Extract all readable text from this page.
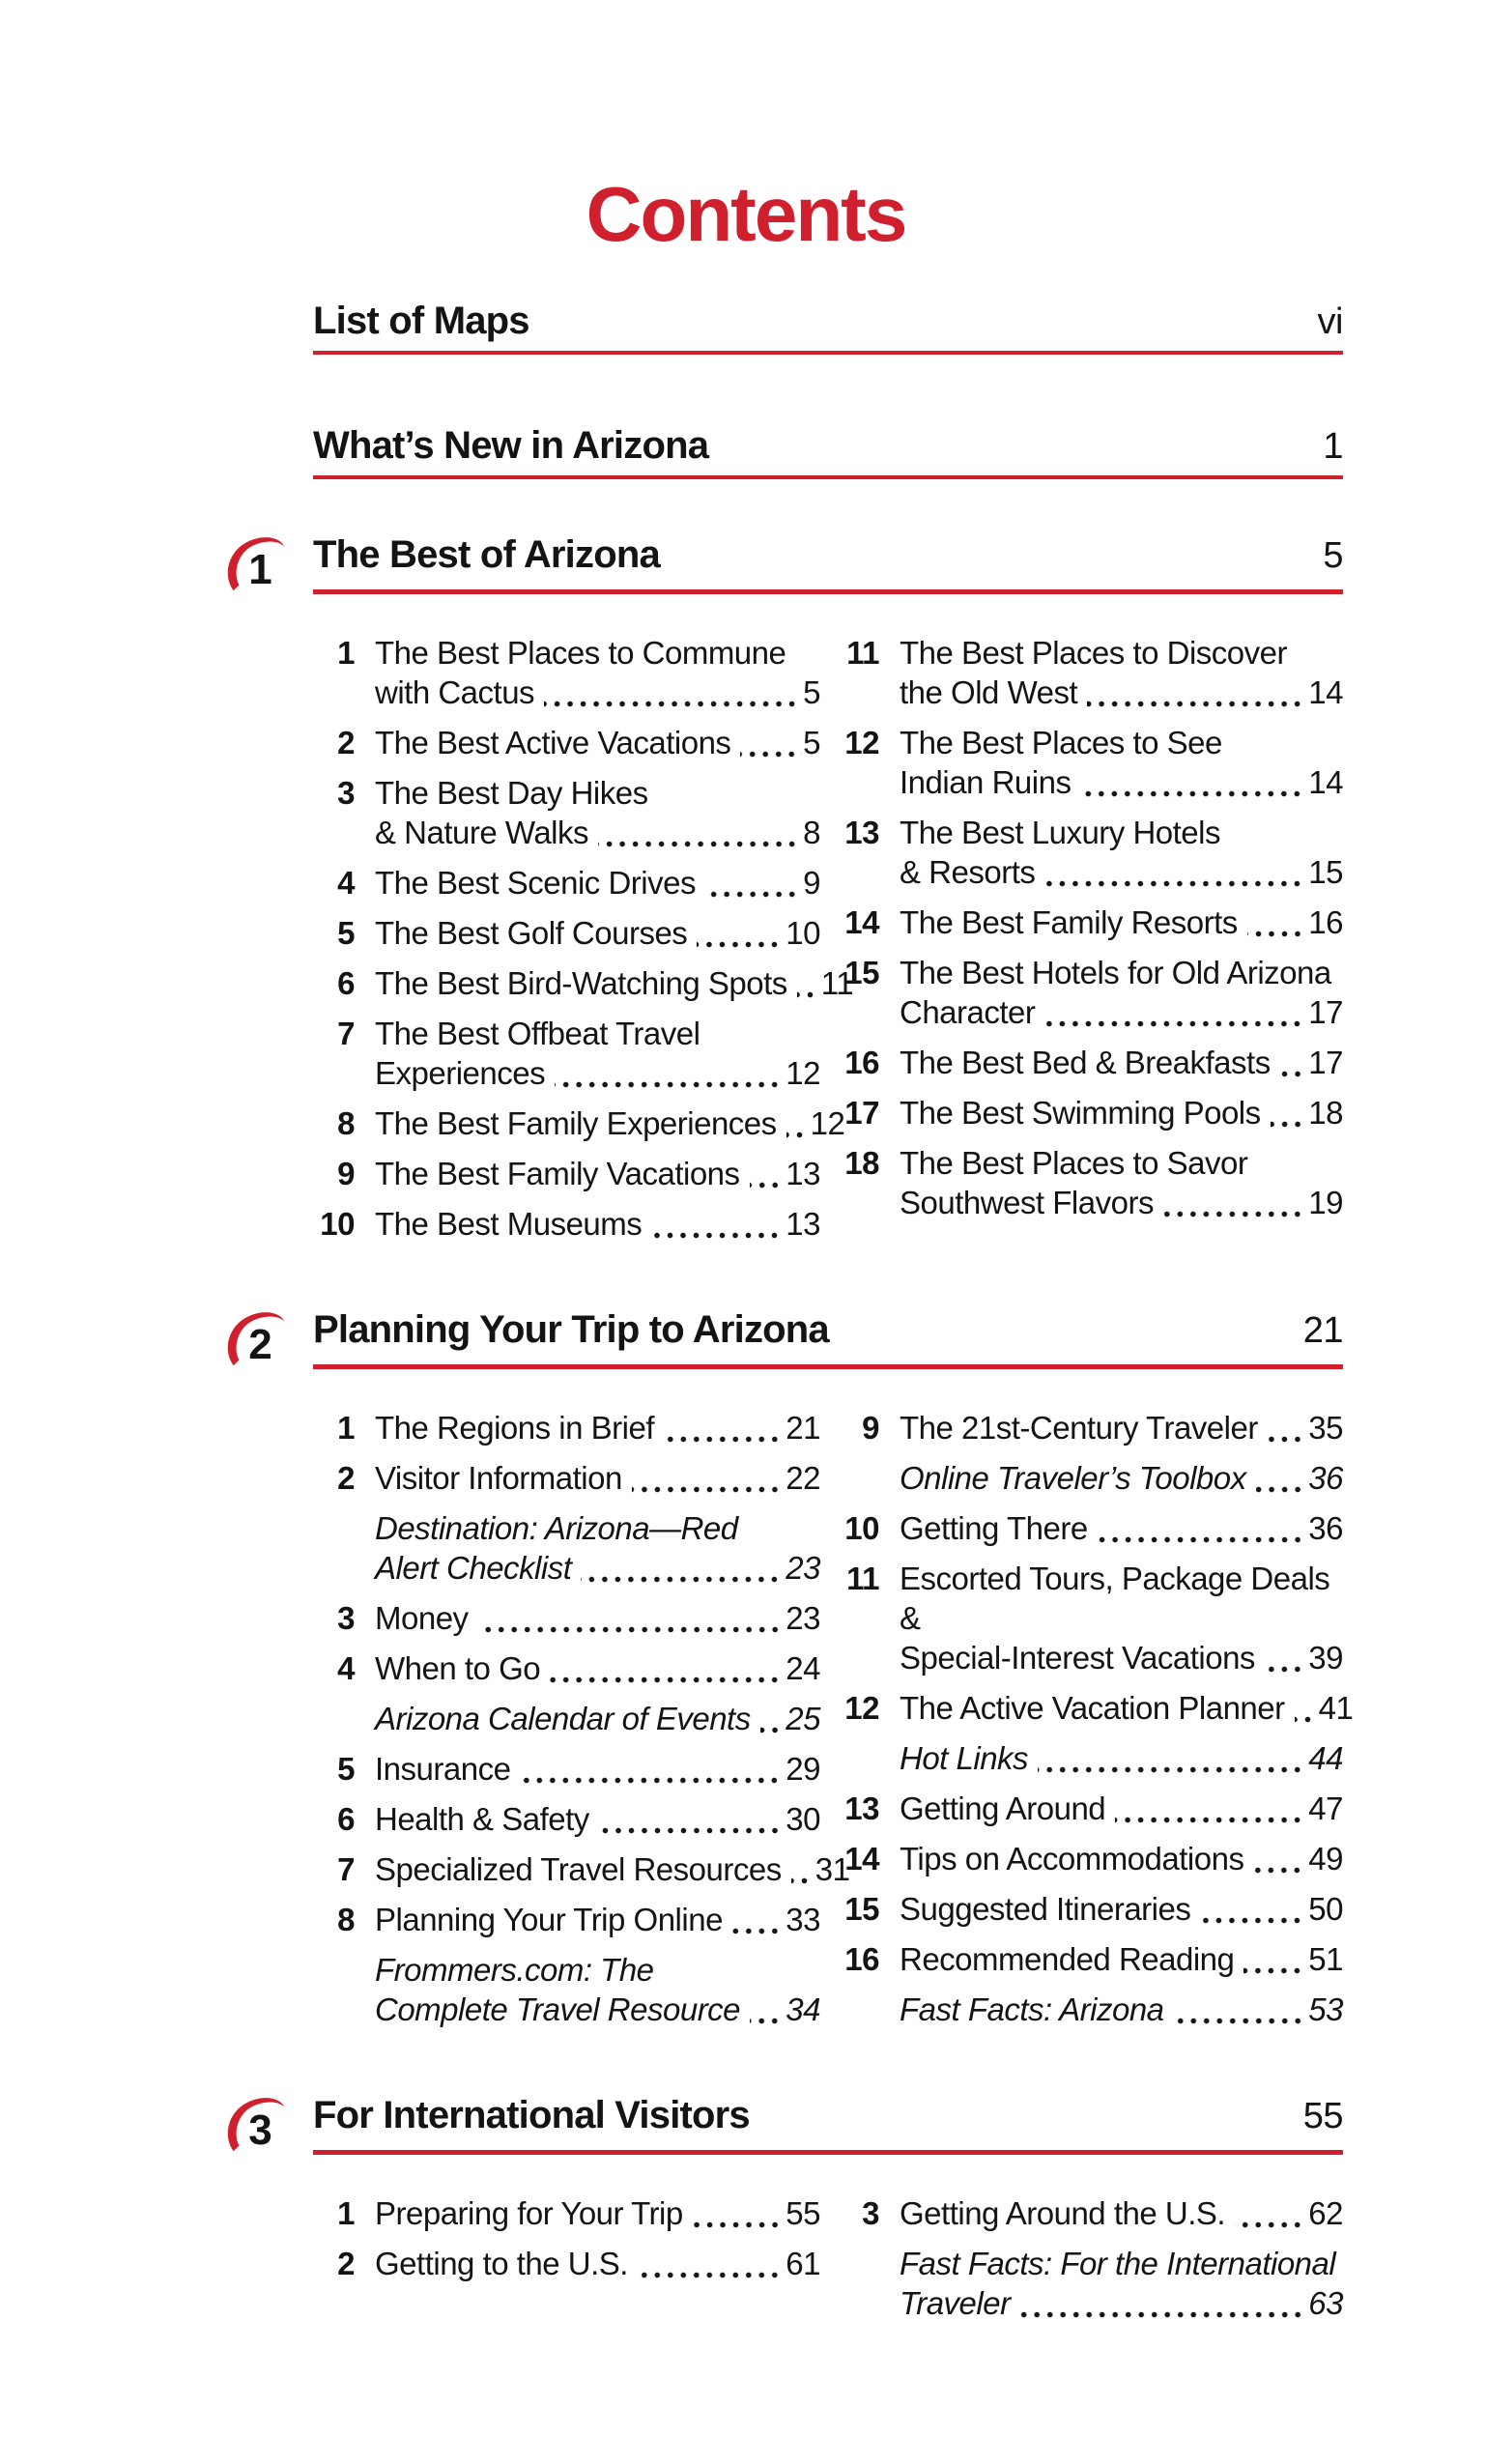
Contents
List of Maps	vi
What’s New in Arizona	1
1	The Best of Arizona	5
1 The Best Places to Commune
with Cactus	5
2 The Best Active Vacations 5
3 The Best Day Hikes
& Nature Walks	8
4 The Best Scenic Drives	9
5 The Best Golf Courses	10
6 The Best Bird-Watching Spots 11
7 The Best Offbeat Travel
Experiences	12
8 The Best Family Experiences 12
9 The Best Family Vacations 13
10 The Best Museums	13
11 The Best Places to Discover
the Old West	14
12 The Best Places to See
Indian Ruins	14
13 The Best Luxury Hotels
& Resorts	15
14 The Best Family Resorts 16
15 The Best Hotels for Old Arizona
Character	17
16 The Best Bed & Breakfasts 17
17 The Best Swimming Pools 18
18 The Best Places to Savor
Southwest Flavors	19
2	Planning Your Trip to Arizona	21
1 The Regions in Brief	21
2 Visitor Information	22
Destination: Arizona—Red
Alert Checklist	23
3 Money	23
4 When to Go	24
Arizona Calendar of Events 25
5 Insurance	29
6 Health & Safety	30
7 Specialized Travel Resources 31
8 Planning Your Trip Online 33
Frommers.com: The
Complete Travel Resource 34
9 The 21st-Century Traveler 35
Online Traveler’s Toolbox 36
10 Getting There	36
11 Escorted Tours, Package Deals &
Special-Interest Vacations 39
12 The Active Vacation Planner 41
Hot Links	44
13 Getting Around	47
14 Tips on Accommodations 49
15 Suggested Itineraries	50
16 Recommended Reading 51
Fast Facts: Arizona	53
3	For International Visitors	55
1 Preparing for Your Trip	55
2 Getting to the U.S.	61
3 Getting Around the U.S.	62
Fast Facts: For the International
Traveler	63
